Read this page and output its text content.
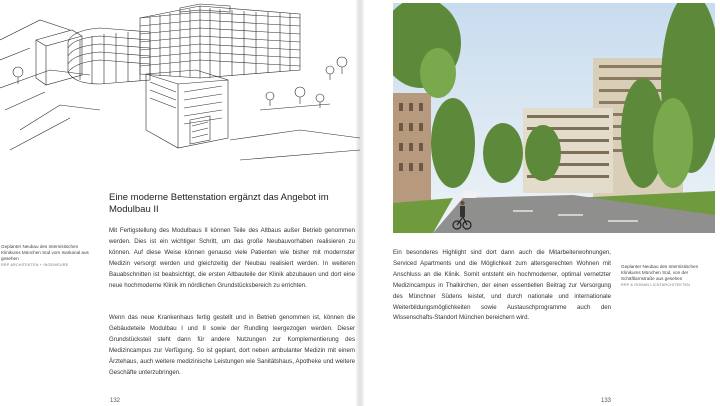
Eine moderne Bettenstation ergänzt das Angebot im Modulbau II

Mit Fertigstellung des Modulbaus II können Teile des Altbaus außer Betrieb genommen werden. Dies ist ein wichtiger Schritt, um das große Neubauvorhaben realisieren zu können. Auf diese Weise können genauso viele Patienten wie bisher mit modernster Medizin versorgt werden und gleichzeitig der Neubau realisiert werden. In weiteren Bauabschnitten ist beabsichtigt, die ersten Altbauteile der Klinik abzubauen und dort eine neue hochmoderne Klinik im nördlichen Grundstücksbereich zu errichten.

Wenn das neue Krankenhaus fertig gestellt und in Betrieb genommen ist, können die Gebäudeteile Modulbau I und II sowie der Rundling leergezogen werden. Dieser Grundstücksteil steht dann für andere Nutzungen zur Komplementierung des Medizincampus zur Verfügung. So ist geplant, dort neben ambulanter Medizin mit einem Ärztehaus, auch weitere medizinische Leistungen wie Sanitätshaus, Apotheke und weitere Geschäfte unterzubringen.

Ein besonderes Highlight sind dort dann auch die Mitarbeiterwohnungen, Serviced Apartments und die Möglichkeit zum altersgerechten Wohnen mit Anschluss an die Klinik. Somit entsteht ein hochmoderner, optimal vernetzter Medizincampus in Thalkirchen, der einen essentiellen Beitrag zur Versorgung des Münchner Südens leistet, und durch nationale und internationale Weiterbildungsmöglichkeiten sowie Austauschprogramme auch den Wissenschafts-Standort München bereichern wird.

Geplanter Neubau des Internistischen Klinikums München Süd vom Isarkanal aus gesehen
RRP ARCHITEKTEN + INGENIEURE	Geplanter Neubau des Internistischen Klinikums München Süd, von der Schäftlarnstraße aus gesehen
RRP & ROMAN LICHTARCHITEKTEN
132	133
